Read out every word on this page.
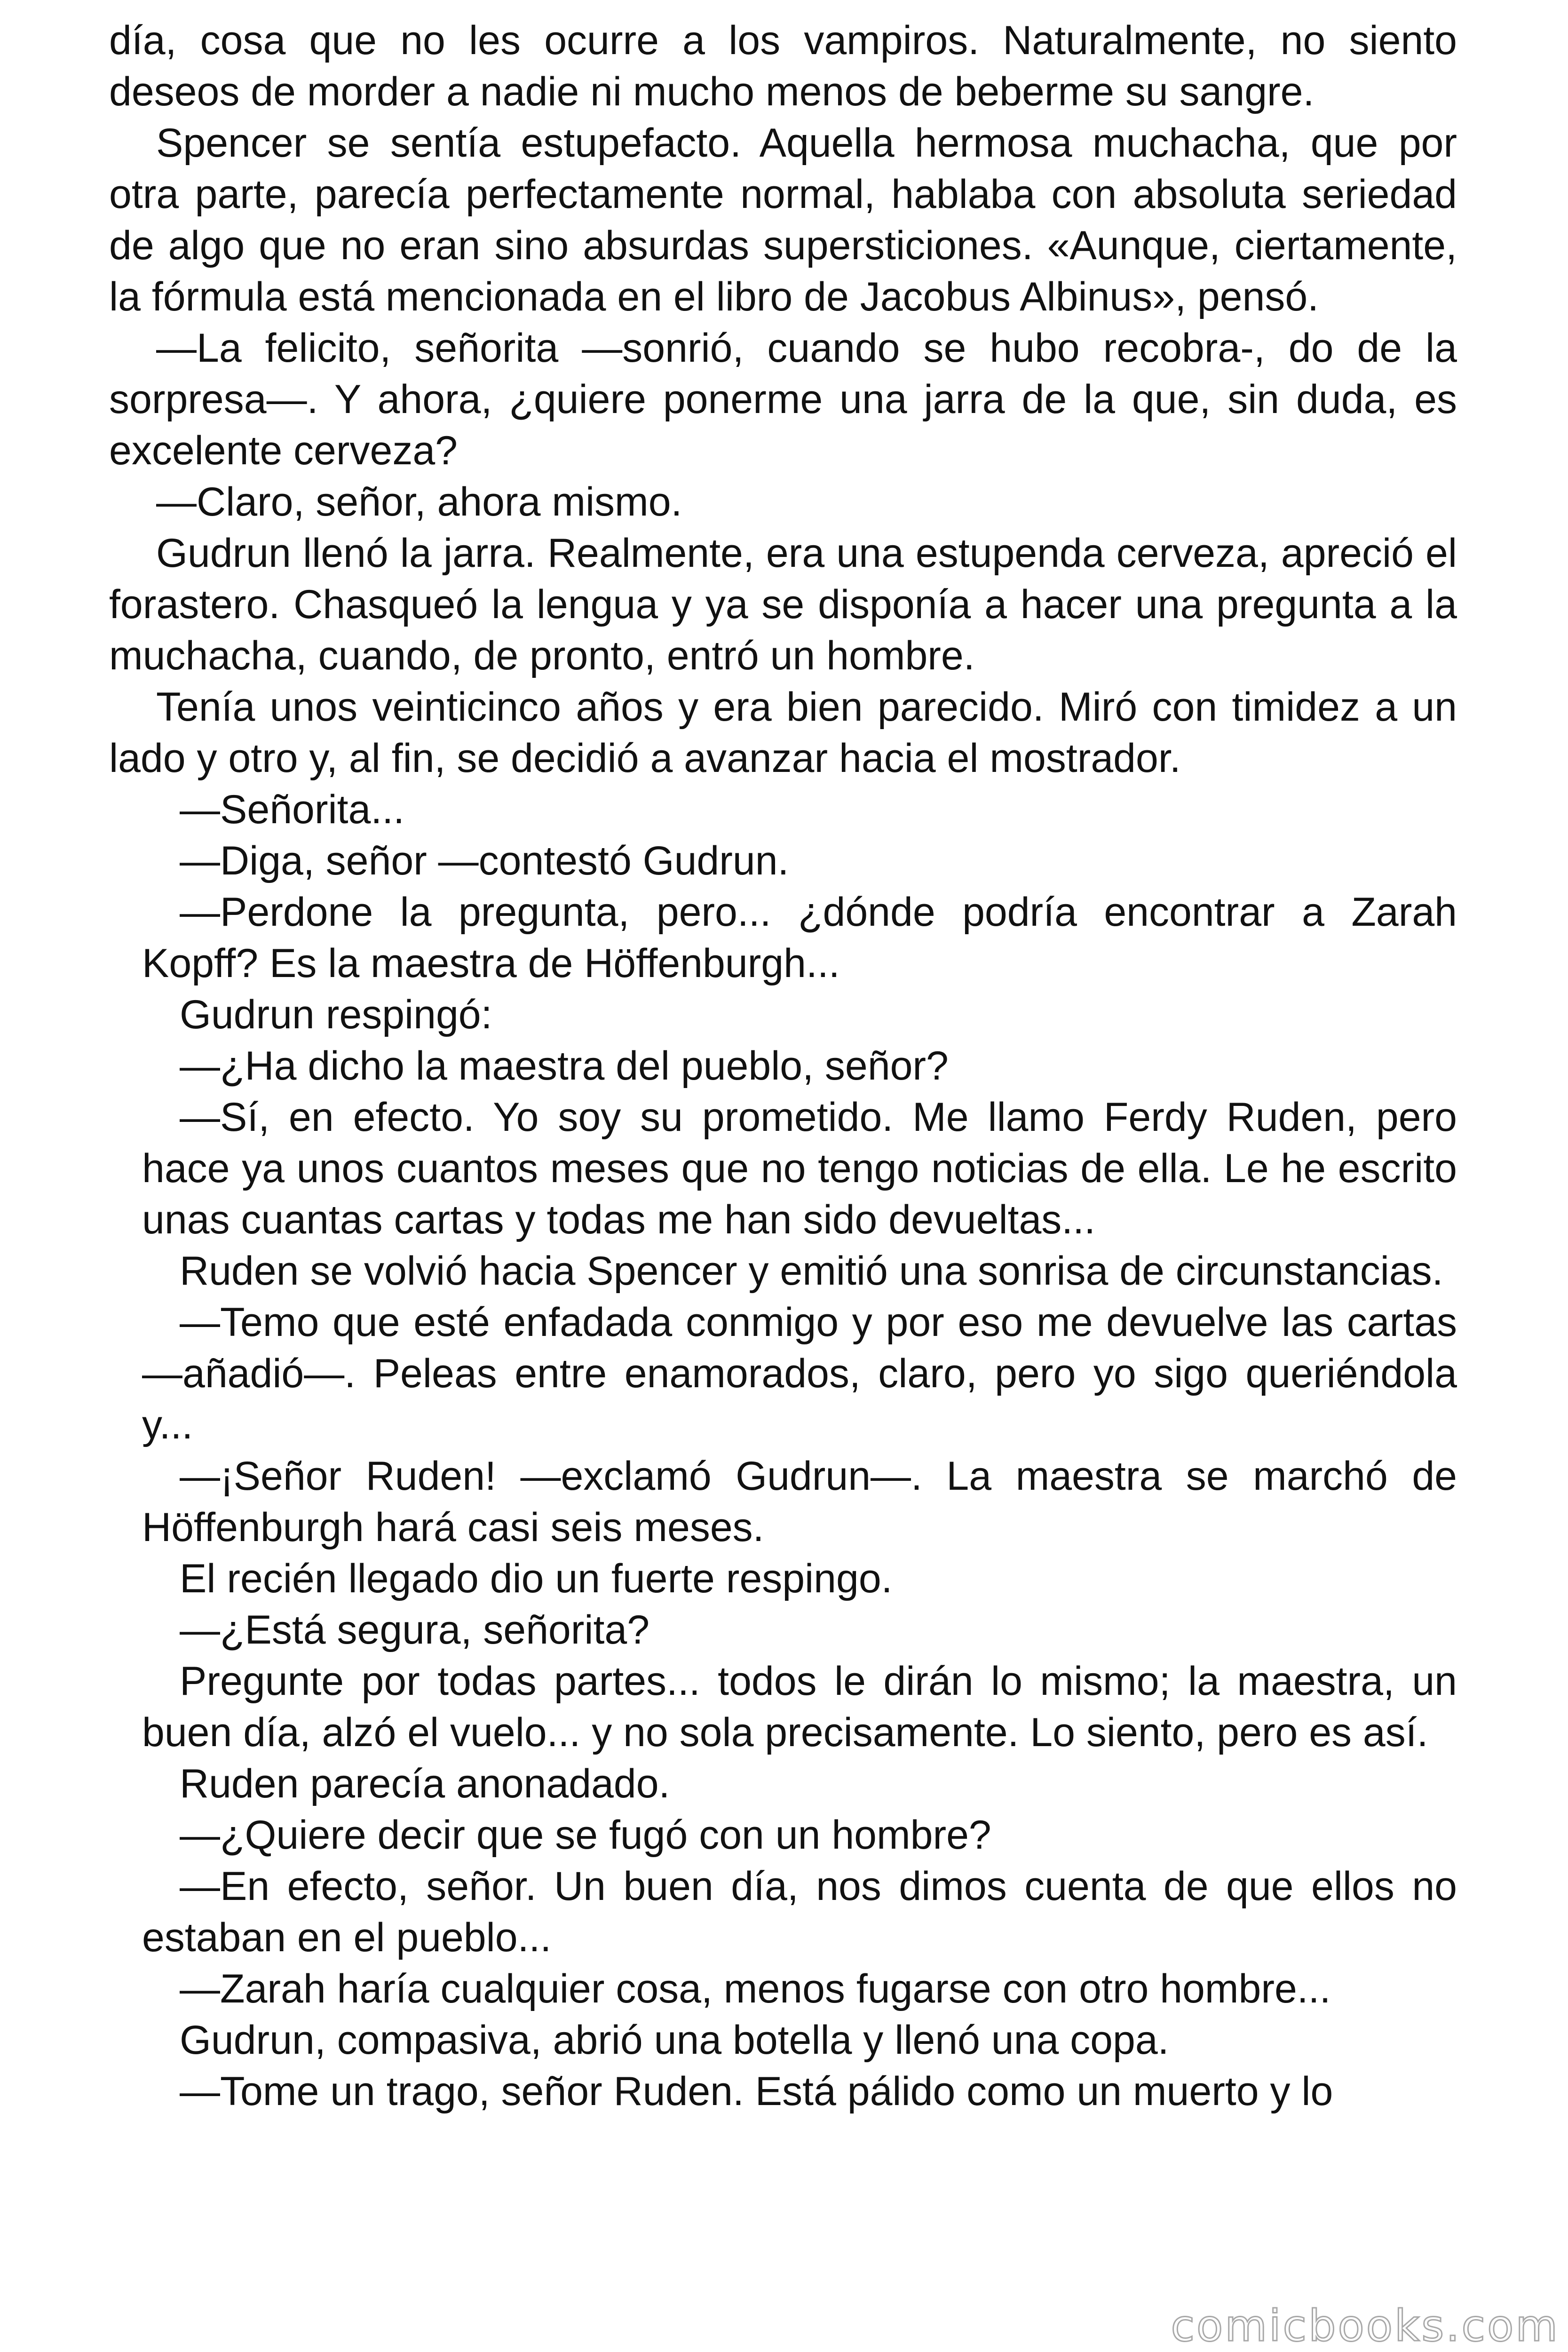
día, cosa que no les ocurre a los vampiros. Naturalmente, no siento deseos de morder a nadie ni mucho menos de beberme su sangre.

Spencer se sentía estupefacto. Aquella hermosa muchacha, que por otra parte, parecía perfectamente normal, hablaba con absoluta seriedad de algo que no eran sino absurdas supersticiones. «Aunque, ciertamente, la fórmula está mencionada en el libro de Jacobus Albinus», pensó.

—La felicito, señorita —sonrió, cuando se hubo recobra-, do de la sorpresa—. Y ahora, ¿quiere ponerme una jarra de la que, sin duda, es excelente cerveza?

—Claro, señor, ahora mismo.

Gudrun llenó la jarra. Realmente, era una estupenda cerveza, apreció el forastero. Chasqueó la lengua y ya se disponía a hacer una pregunta a la muchacha, cuando, de pronto, entró un hombre.

Tenía unos veinticinco años y era bien parecido. Miró con timidez a un lado y otro y, al fin, se decidió a avanzar hacia el mostrador.

—Señorita...

—Diga, señor —contestó Gudrun.

—Perdone la pregunta, pero... ¿dónde podría encontrar a Zarah Kopff? Es la maestra de Höffenburgh...

Gudrun respingó:

—¿Ha dicho la maestra del pueblo, señor?

—Sí, en efecto. Yo soy su prometido. Me llamo Ferdy Ruden, pero hace ya unos cuantos meses que no tengo noticias de ella. Le he escrito unas cuantas cartas y todas me han sido devueltas...

Ruden se volvió hacia Spencer y emitió una sonrisa de circunstancias.

—Temo que esté enfadada conmigo y por eso me devuelve las cartas —añadió—. Peleas entre enamorados, claro, pero yo sigo queriéndola y...

—¡Señor Ruden! —exclamó Gudrun—. La maestra se marchó de Höffenburgh hará casi seis meses.

El recién llegado dio un fuerte respingo.

—¿Está segura, señorita?

Pregunte por todas partes... todos le dirán lo mismo; la maestra, un buen día, alzó el vuelo... y no sola precisamente. Lo siento, pero es así.

Ruden parecía anonadado.

—¿Quiere decir que se fugó con un hombre?

—En efecto, señor. Un buen día, nos dimos cuenta de que ellos no estaban en el pueblo...

—Zarah haría cualquier cosa, menos fugarse con otro hombre...

Gudrun, compasiva, abrió una botella y llenó una copa.

—Tome un trago, señor Ruden. Está pálido como un muerto y lo

comicbooks.com
